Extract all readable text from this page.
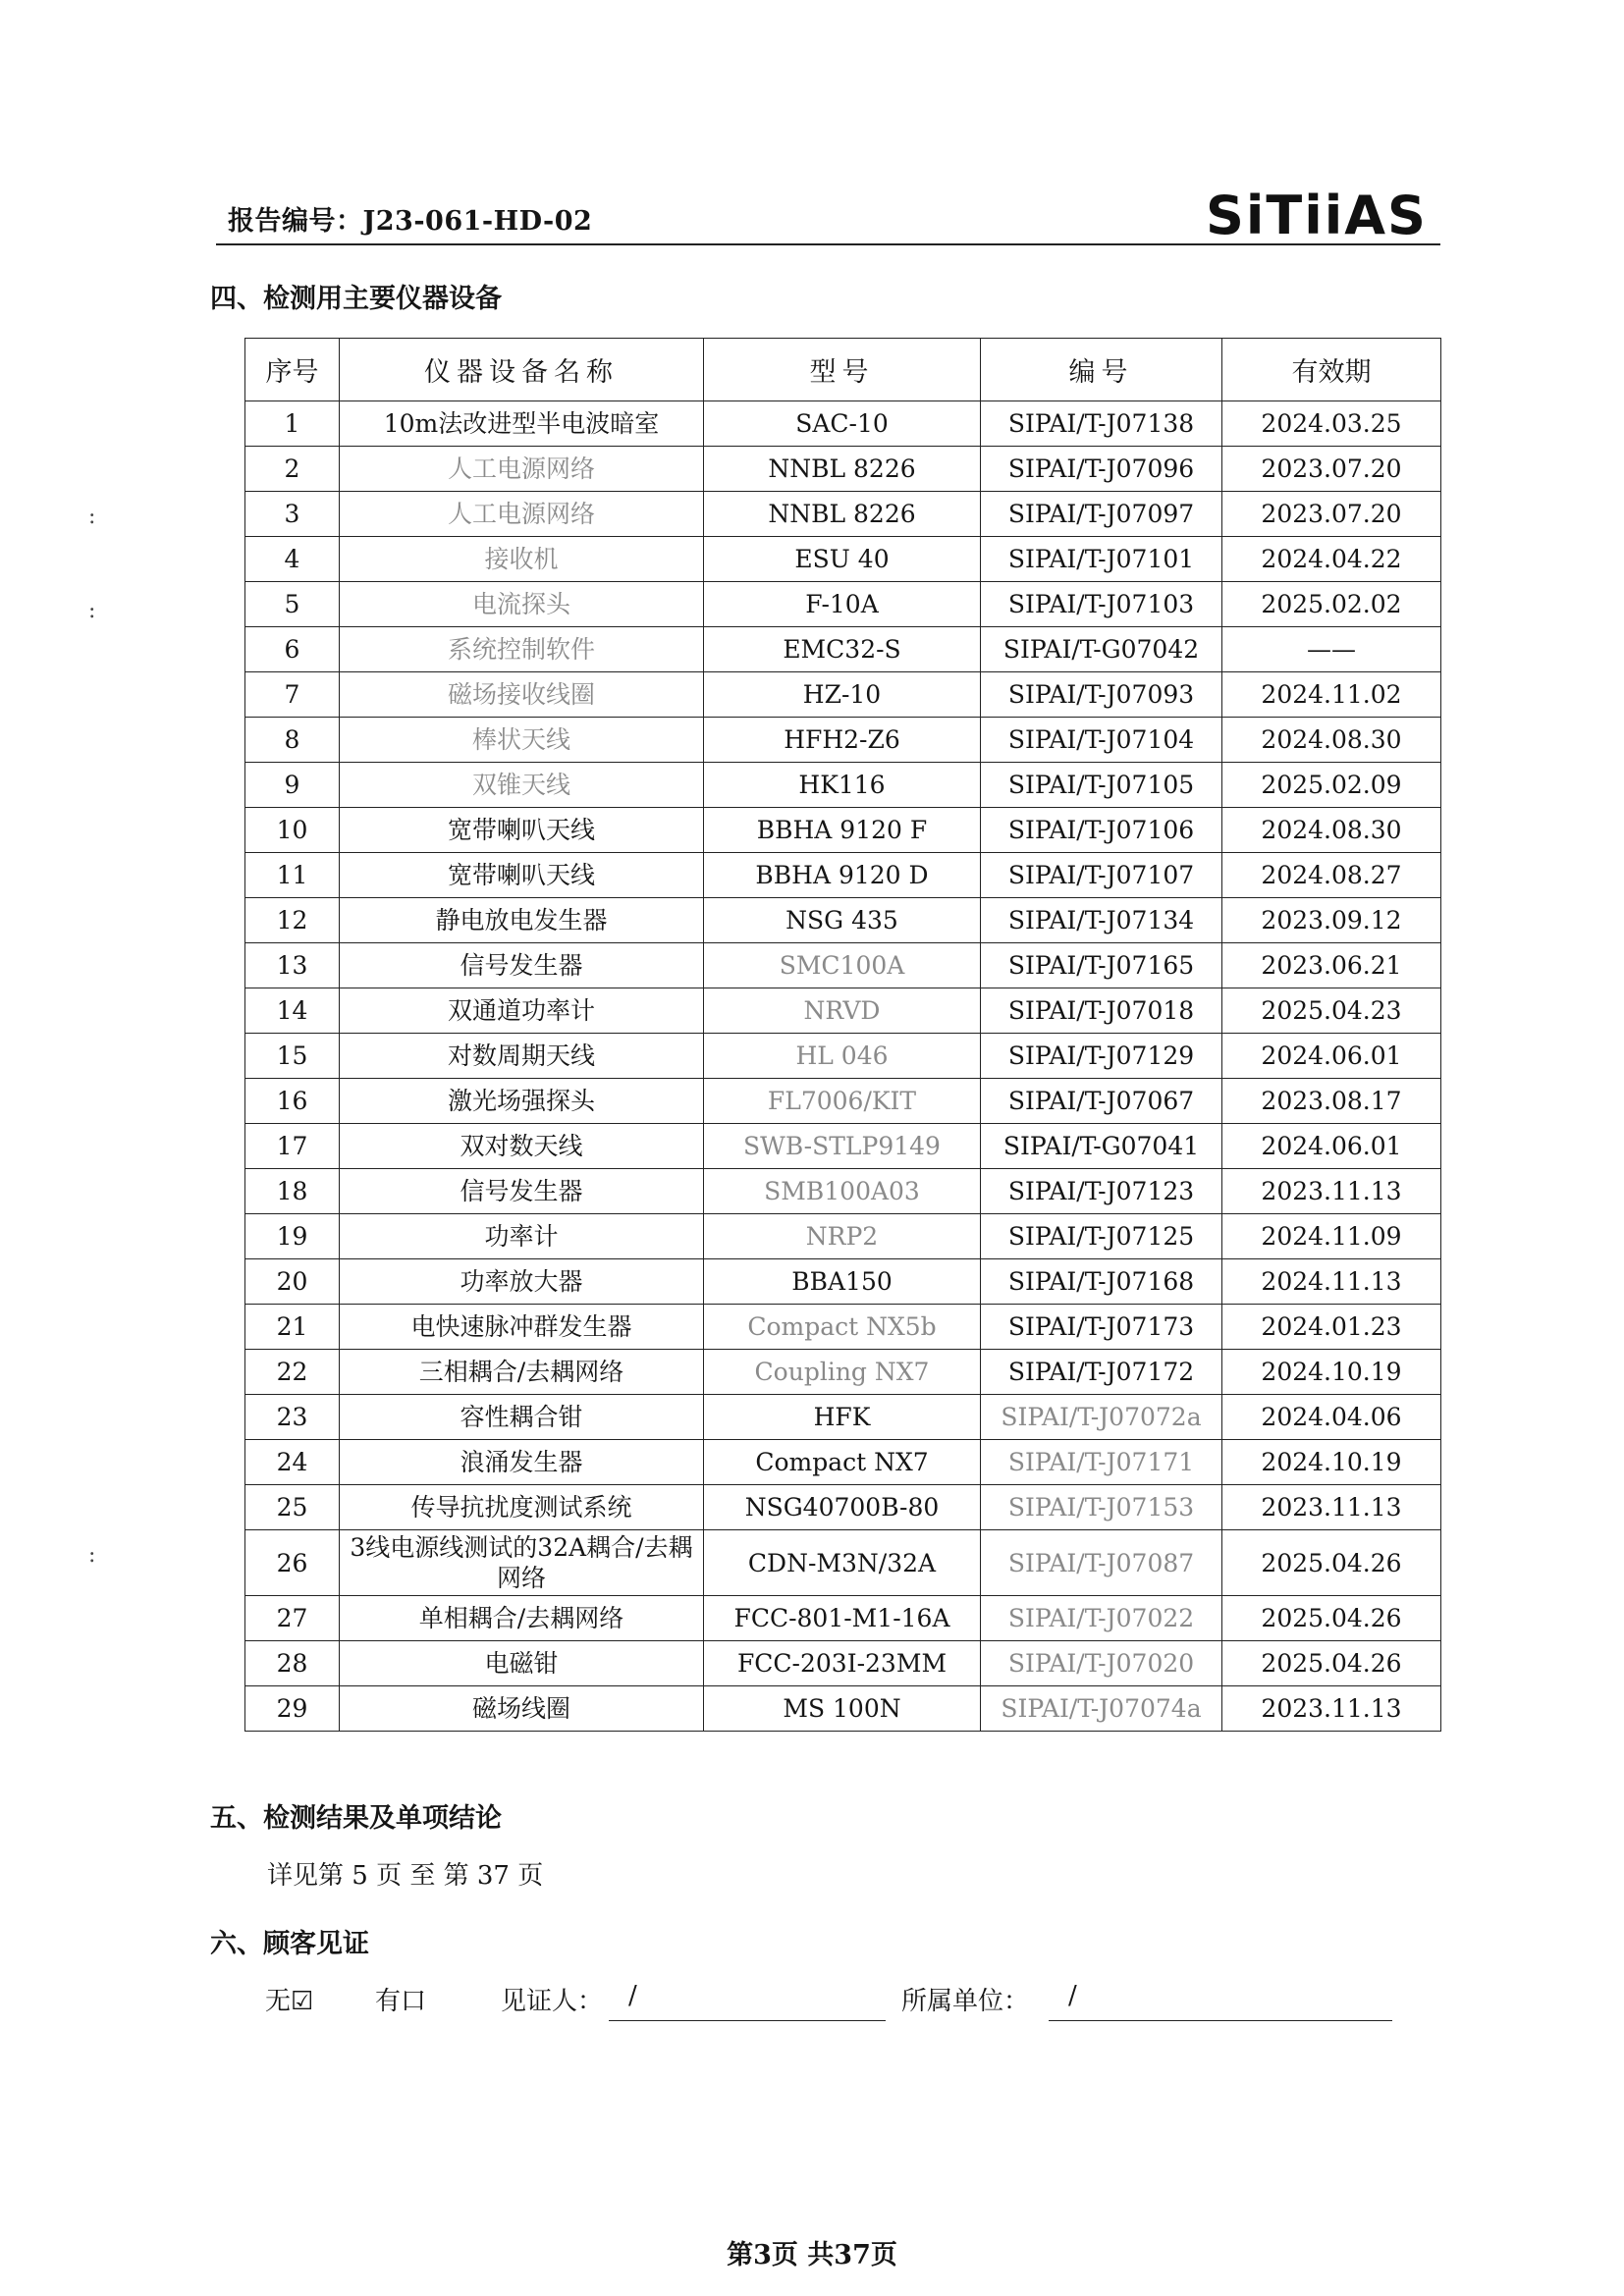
报告编号：J23-061-HD-02	SiTiiAS
四、检测用主要仪器设备
序号	仪器设备名称	型号	编号	有效期
1	10m法改进型半电波暗室	SAC-10	SIPAI/T-J07138	2024.03.25
2	人工电源网络	NNBL 8226	SIPAI/T-J07096	2023.07.20
3	人工电源网络	NNBL 8226	SIPAI/T-J07097	2023.07.20
4	接收机	ESU 40	SIPAI/T-J07101	2024.04.22
5	电流探头	F-10A	SIPAI/T-J07103	2025.02.02
6	系统控制软件	EMC32-S	SIPAI/T-G07042	——
7	磁场接收线圈	HZ-10	SIPAI/T-J07093	2024.11.02
8	棒状天线	HFH2-Z6	SIPAI/T-J07104	2024.08.30
9	双锥天线	HK116	SIPAI/T-J07105	2025.02.09
10	宽带喇叭天线	BBHA 9120 F	SIPAI/T-J07106	2024.08.30
11	宽带喇叭天线	BBHA 9120 D	SIPAI/T-J07107	2024.08.27
12	静电放电发生器	NSG 435	SIPAI/T-J07134	2023.09.12
13	信号发生器	SMC100A	SIPAI/T-J07165	2023.06.21
14	双通道功率计	NRVD	SIPAI/T-J07018	2025.04.23
15	对数周期天线	HL 046	SIPAI/T-J07129	2024.06.01
16	激光场强探头	FL7006/KIT	SIPAI/T-J07067	2023.08.17
17	双对数天线	SWB-STLP9149	SIPAI/T-G07041	2024.06.01
18	信号发生器	SMB100A03	SIPAI/T-J07123	2023.11.13
19	功率计	NRP2	SIPAI/T-J07125	2024.11.09
20	功率放大器	BBA150	SIPAI/T-J07168	2024.11.13
21	电快速脉冲群发生器	Compact NX5b	SIPAI/T-J07173	2024.01.23
22	三相耦合/去耦网络	Coupling NX7	SIPAI/T-J07172	2024.10.19
23	容性耦合钳	HFK	SIPAI/T-J07072a	2024.04.06
24	浪涌发生器	Compact NX7	SIPAI/T-J07171	2024.10.19
25	传导抗扰度测试系统	NSG40700B-80	SIPAI/T-J07153	2023.11.13
26	3线电源线测试的32A耦合/去耦网络	CDN-M3N/32A	SIPAI/T-J07087	2025.04.26
27	单相耦合/去耦网络	FCC-801-M1-16A	SIPAI/T-J07022	2025.04.26
28	电磁钳	FCC-203I-23MM	SIPAI/T-J07020	2025.04.26
29	磁场线圈	MS 100N	SIPAI/T-J07074a	2023.11.13
五、检测结果及单项结论
详见第 5 页 至 第 37 页
六、顾客见证
无☑ 有口	见证人： /	所属单位： /
第3页 共37页
:
:
:
